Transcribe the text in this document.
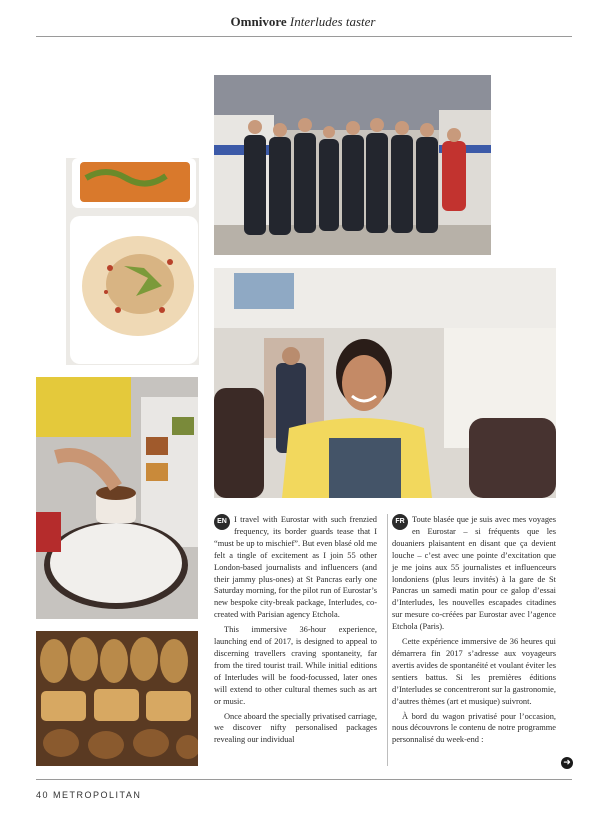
Omnivore Interludes taster

EN I travel with Eurostar with such frenzied frequency, its border guards tease that I “must be up to mischief”. But even blasé old me felt a tingle of excitement as I join 55 other London-based journalists and influencers (and their jammy plus-ones) at St Pancras early one Saturday morning, for the pilot run of Eurostar’s new bespoke city-break package, Interludes, co-created with Parisian agency Etchola.

This immersive 36-hour experience, launching end of 2017, is designed to appeal to discerning travellers craving spontaneity, far from the tired tourist trail. While initial editions of Interludes will be food-focussed, later ones will extend to other cultural themes such as art or music.

Once aboard the specially privatised carriage, we discover nifty personalised packages revealing our individual

FR Toute blasée que je suis avec mes voyages en Eurostar – si fréquents que les douaniers plaisantent en disant que ça devient louche – c’est avec une pointe d’excitation que je me joins aux 55 journalistes et influenceurs londoniens (plus leurs invités) à la gare de St Pancras un samedi matin pour ce galop d’essai d’Interludes, les nouvelles escapades citadines sur mesure co-créées par Eurostar avec l’agence Etchola (Paris).

Cette expérience immersive de 36 heures qui démarrera fin 2017 s’adresse aux voyageurs avertis avides de spontanéité et voulant éviter les sentiers battus. Si les premières éditions d’Interludes se concentreront sur la gastronomie, d’autres thèmes (art et musique) suivront.

À bord du wagon privatisé pour l’occasion, nous découvrons le contenu de notre programme personnalisé du week-end :

➜
40 METROPOLITAN
